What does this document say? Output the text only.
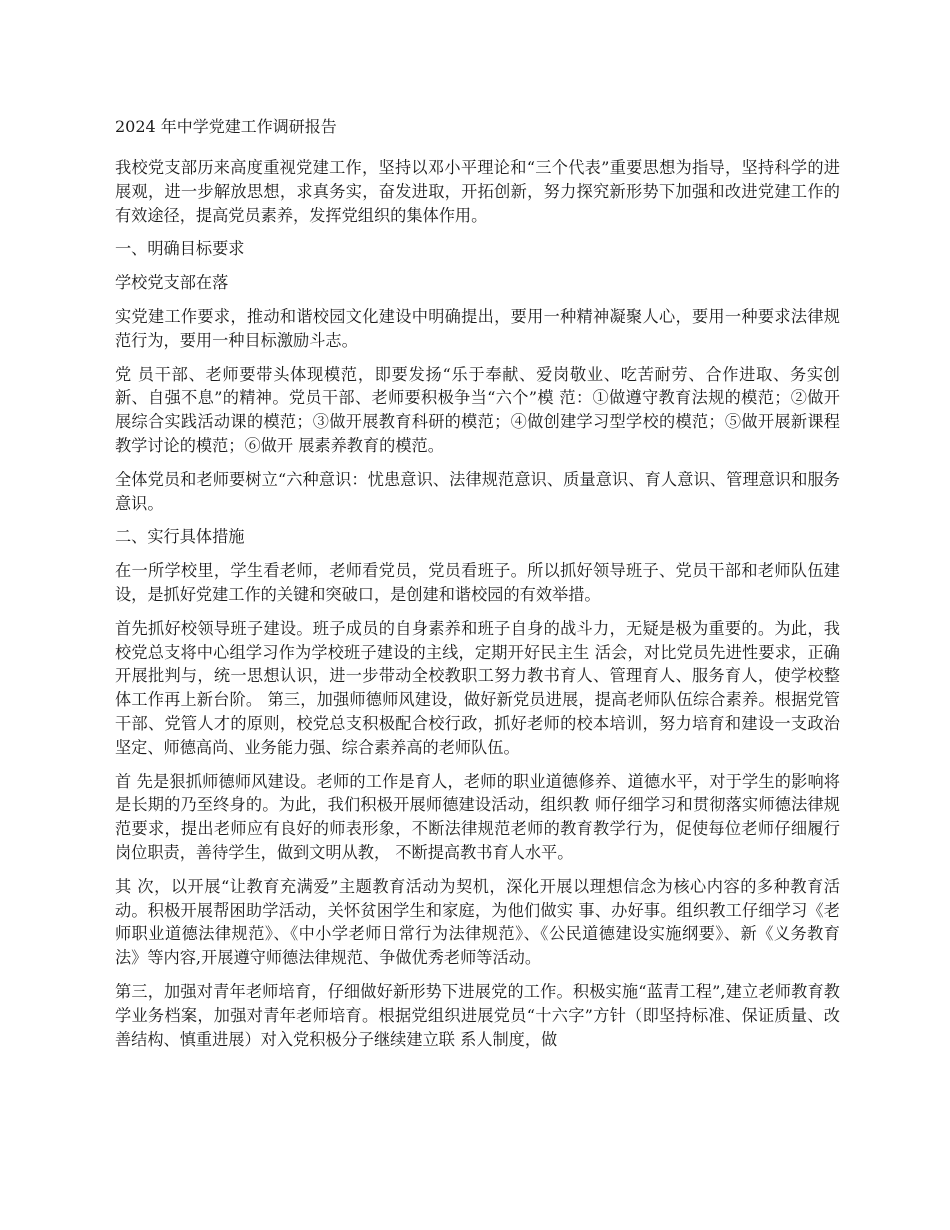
2024 年中学党建工作调研报告

我校党支部历来高度重视党建工作，坚持以邓小平理论和“三个代表”重要思想为指导，坚持科学的进展观，进一步解放思想，求真务实，奋发进取，开拓创新，努力探究新形势下加强和改进党建工作的有效途径，提高党员素养，发挥党组织的集体作用。

一、明确目标要求

学校党支部在落

实党建工作要求，推动和谐校园文化建设中明确提出，要用一种精神凝聚人心，要用一种要求法律规范行为，要用一种目标激励斗志。

党 员干部、老师要带头体现模范，即要发扬“乐于奉献、爱岗敬业、吃苦耐劳、合作进取、务实创新、自强不息”的精神。党员干部、老师要积极争当“六个”模 范：①做遵守教育法规的模范；②做开展综合实践活动课的模范；③做开展教育科研的模范；④做创建学习型学校的模范；⑤做开展新课程教学讨论的模范；⑥做开 展素养教育的模范。

全体党员和老师要树立“六种意识：忧患意识、法律规范意识、质量意识、育人意识、管理意识和服务意识。

二、实行具体措施

在一所学校里，学生看老师，老师看党员，党员看班子。所以抓好领导班子、党员干部和老师队伍建设，是抓好党建工作的关键和突破口，是创建和谐校园的有效举措。

首先抓好校领导班子建设。班子成员的自身素养和班子自身的战斗力，无疑是极为重要的。为此，我校党总支将中心组学习作为学校班子建设的主线，定期开好民主生 活会，对比党员先进性要求，正确开展批判与，统一思想认识，进一步带动全校教职工努力教书育人、管理育人、服务育人，使学校整体工作再上新台阶。 第三，加强师德师风建设，做好新党员进展，提高老师队伍综合素养。根据党管干部、党管人才的原则，校党总支积极配合校行政，抓好老师的校本培训，努力培育和建设一支政治坚定、师德高尚、业务能力强、综合素养高的老师队伍。

首 先是狠抓师德师风建设。老师的工作是育人，老师的职业道德修养、道德水平，对于学生的影响将是长期的乃至终身的。为此，我们积极开展师德建设活动，组织教 师仔细学习和贯彻落实师德法律规范要求，提出老师应有良好的师表形象，不断法律规范老师的教育教学行为，促使每位老师仔细履行岗位职责，善待学生，做到文明从教， 不断提高教书育人水平。

其 次，以开展“让教育充满爱”主题教育活动为契机，深化开展以理想信念为核心内容的多种教育活动。积极开展帮困助学活动，关怀贫困学生和家庭，为他们做实 事、办好事。组织教工仔细学习《老师职业道德法律规范》、《中小学老师日常行为法律规范》、《公民道德建设实施纲要》、新《义务教育法》等内容,开展遵守师德法律规范、争做优秀老师等活动。

第三，加强对青年老师培育，仔细做好新形势下进展党的工作。积极实施“蓝青工程”,建立老师教育教学业务档案，加强对青年老师培育。根据党组织进展党员“十六字”方针（即坚持标准、保证质量、改善结构、慎重进展）对入党积极分子继续建立联 系人制度，做
